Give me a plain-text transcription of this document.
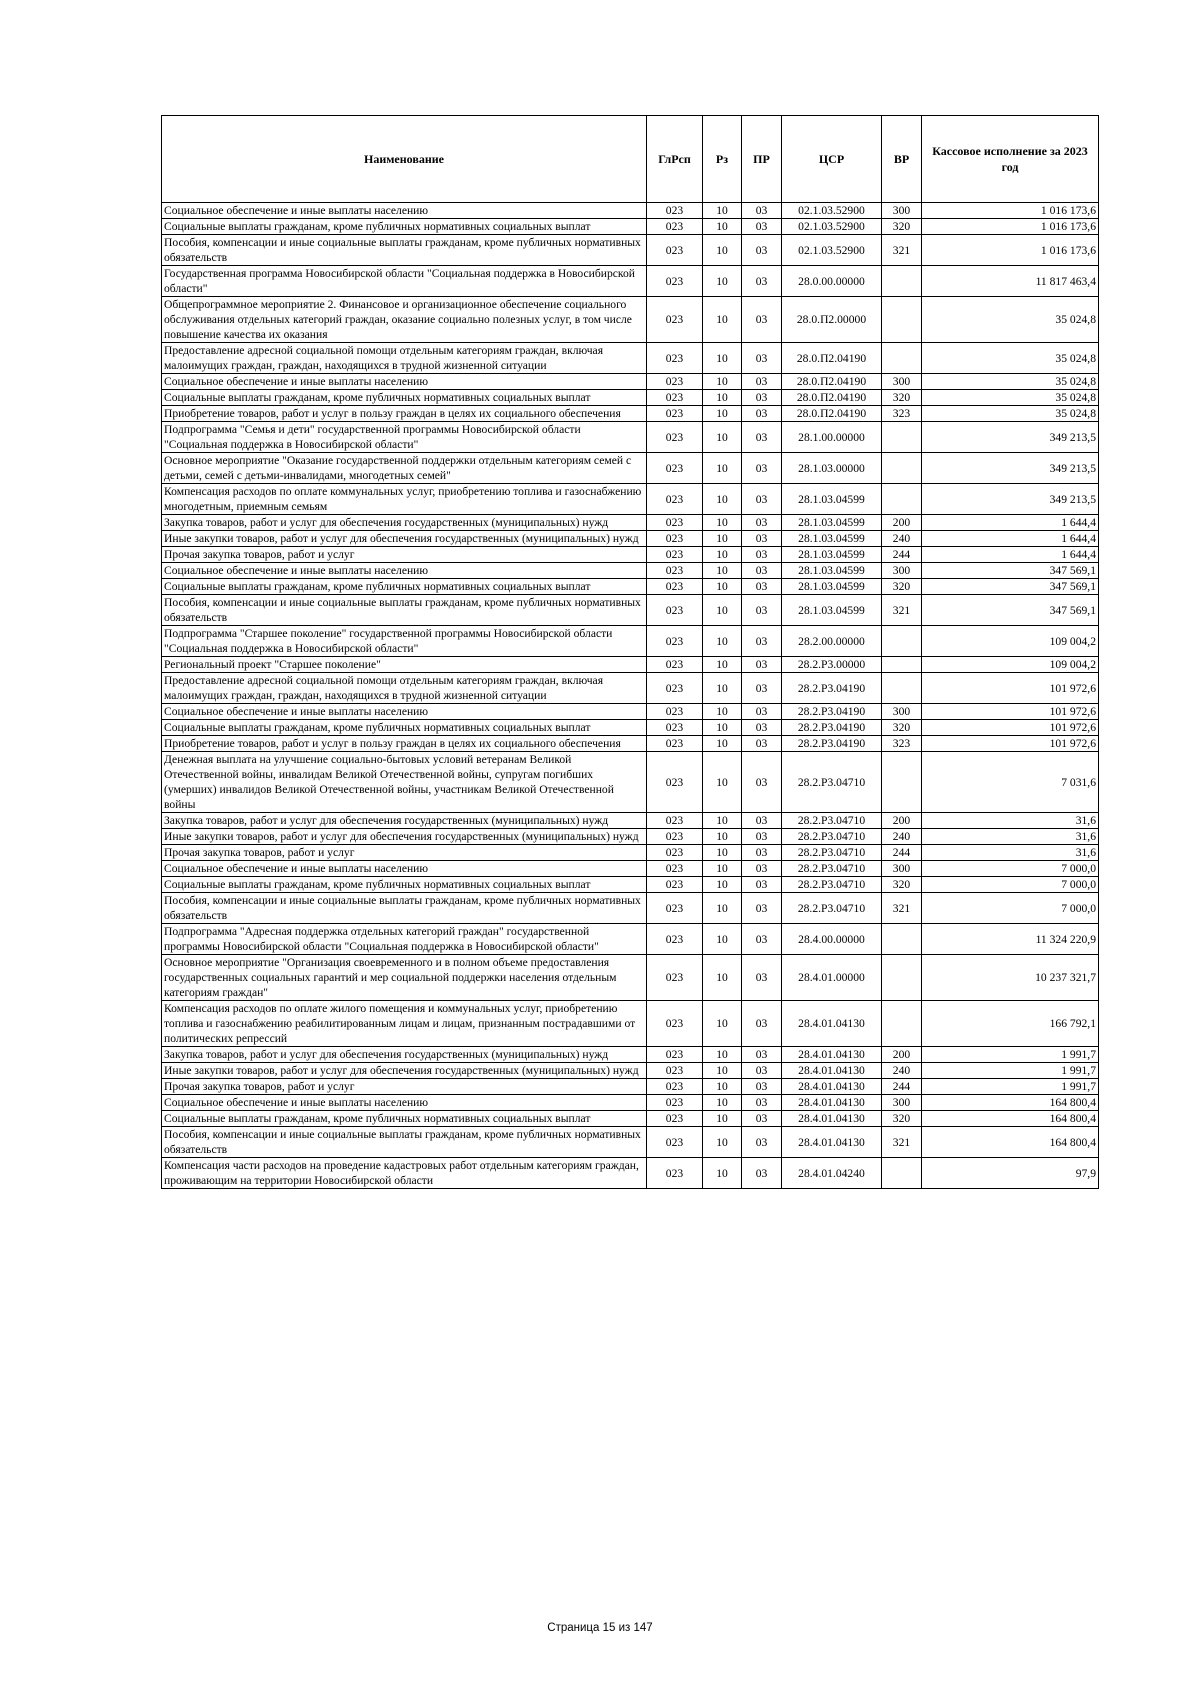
Наименование	ГлРсп	Рз	ПР	ЦСР	ВР	Кассовое исполнение за 2023 год
Социальное обеспечение и иные выплаты населению	023	10	03	02.1.03.52900	300	1 016 173,6
Социальные выплаты гражданам, кроме публичных нормативных социальных выплат	023	10	03	02.1.03.52900	320	1 016 173,6
Пособия, компенсации и иные социальные выплаты гражданам, кроме публичных нормативных обязательств	023	10	03	02.1.03.52900	321	1 016 173,6
Государственная программа Новосибирской области "Социальная поддержка в Новосибирской области"	023	10	03	28.0.00.00000		11 817 463,4
Общепрограммное мероприятие 2. Финансовое и организационное обеспечение социального обслуживания отдельных категорий граждан, оказание социально полезных услуг, в том числе повышение качества их оказания	023	10	03	28.0.П2.00000		35 024,8
Предоставление адресной социальной помощи отдельным категориям граждан, включая малоимущих граждан, граждан, находящихся в трудной жизненной ситуации	023	10	03	28.0.П2.04190		35 024,8
Социальное обеспечение и иные выплаты населению	023	10	03	28.0.П2.04190	300	35 024,8
Социальные выплаты гражданам, кроме публичных нормативных социальных выплат	023	10	03	28.0.П2.04190	320	35 024,8
Приобретение товаров, работ и услуг в пользу граждан в целях их социального обеспечения	023	10	03	28.0.П2.04190	323	35 024,8
Подпрограмма "Семья и дети" государственной программы Новосибирской области "Социальная поддержка в Новосибирской области"	023	10	03	28.1.00.00000		349 213,5
Основное мероприятие "Оказание государственной поддержки отдельным категориям семей с детьми, семей с детьми-инвалидами, многодетных семей"	023	10	03	28.1.03.00000		349 213,5
Компенсация расходов по оплате коммунальных услуг, приобретению топлива и газоснабжению многодетным, приемным семьям	023	10	03	28.1.03.04599		349 213,5
Закупка товаров, работ и услуг для обеспечения государственных (муниципальных) нужд	023	10	03	28.1.03.04599	200	1 644,4
Иные закупки товаров, работ и услуг для обеспечения государственных (муниципальных) нужд	023	10	03	28.1.03.04599	240	1 644,4
Прочая закупка товаров, работ и услуг	023	10	03	28.1.03.04599	244	1 644,4
Социальное обеспечение и иные выплаты населению	023	10	03	28.1.03.04599	300	347 569,1
Социальные выплаты гражданам, кроме публичных нормативных социальных выплат	023	10	03	28.1.03.04599	320	347 569,1
Пособия, компенсации и иные социальные выплаты гражданам, кроме публичных нормативных обязательств	023	10	03	28.1.03.04599	321	347 569,1
Подпрограмма "Старшее поколение" государственной программы Новосибирской области "Социальная поддержка в Новосибирской области"	023	10	03	28.2.00.00000		109 004,2
Региональный проект "Старшее поколение"	023	10	03	28.2.Р3.00000		109 004,2
Предоставление адресной социальной помощи отдельным категориям граждан, включая малоимущих граждан, граждан, находящихся в трудной жизненной ситуации	023	10	03	28.2.Р3.04190		101 972,6
Социальное обеспечение и иные выплаты населению	023	10	03	28.2.Р3.04190	300	101 972,6
Социальные выплаты гражданам, кроме публичных нормативных социальных выплат	023	10	03	28.2.Р3.04190	320	101 972,6
Приобретение товаров, работ и услуг в пользу граждан в целях их социального обеспечения	023	10	03	28.2.Р3.04190	323	101 972,6
Денежная выплата на улучшение социально-бытовых условий ветеранам Великой Отечественной войны, инвалидам Великой Отечественной войны, супругам погибших (умерших) инвалидов Великой Отечественной войны, участникам Великой Отечественной войны	023	10	03	28.2.Р3.04710		7 031,6
Закупка товаров, работ и услуг для обеспечения государственных (муниципальных) нужд	023	10	03	28.2.Р3.04710	200	31,6
Иные закупки товаров, работ и услуг для обеспечения государственных (муниципальных) нужд	023	10	03	28.2.Р3.04710	240	31,6
Прочая закупка товаров, работ и услуг	023	10	03	28.2.Р3.04710	244	31,6
Социальное обеспечение и иные выплаты населению	023	10	03	28.2.Р3.04710	300	7 000,0
Социальные выплаты гражданам, кроме публичных нормативных социальных выплат	023	10	03	28.2.Р3.04710	320	7 000,0
Пособия, компенсации и иные социальные выплаты гражданам, кроме публичных нормативных обязательств	023	10	03	28.2.Р3.04710	321	7 000,0
Подпрограмма "Адресная поддержка отдельных категорий граждан" государственной программы Новосибирской области "Социальная поддержка в Новосибирской области"	023	10	03	28.4.00.00000		11 324 220,9
Основное мероприятие "Организация своевременного и в полном объеме предоставления государственных социальных гарантий и мер социальной поддержки населения отдельным категориям граждан"	023	10	03	28.4.01.00000		10 237 321,7
Компенсация расходов по оплате жилого помещения и коммунальных услуг, приобретению топлива и газоснабжению реабилитированным лицам и лицам, признанным пострадавшими от политических репрессий	023	10	03	28.4.01.04130		166 792,1
Закупка товаров, работ и услуг для обеспечения государственных (муниципальных) нужд	023	10	03	28.4.01.04130	200	1 991,7
Иные закупки товаров, работ и услуг для обеспечения государственных (муниципальных) нужд	023	10	03	28.4.01.04130	240	1 991,7
Прочая закупка товаров, работ и услуг	023	10	03	28.4.01.04130	244	1 991,7
Социальное обеспечение и иные выплаты населению	023	10	03	28.4.01.04130	300	164 800,4
Социальные выплаты гражданам, кроме публичных нормативных социальных выплат	023	10	03	28.4.01.04130	320	164 800,4
Пособия, компенсации и иные социальные выплаты гражданам, кроме публичных нормативных обязательств	023	10	03	28.4.01.04130	321	164 800,4
Компенсация части расходов на проведение кадастровых работ отдельным категориям граждан, проживающим на территории Новосибирской области	023	10	03	28.4.01.04240		97,9
Страница 15 из 147
